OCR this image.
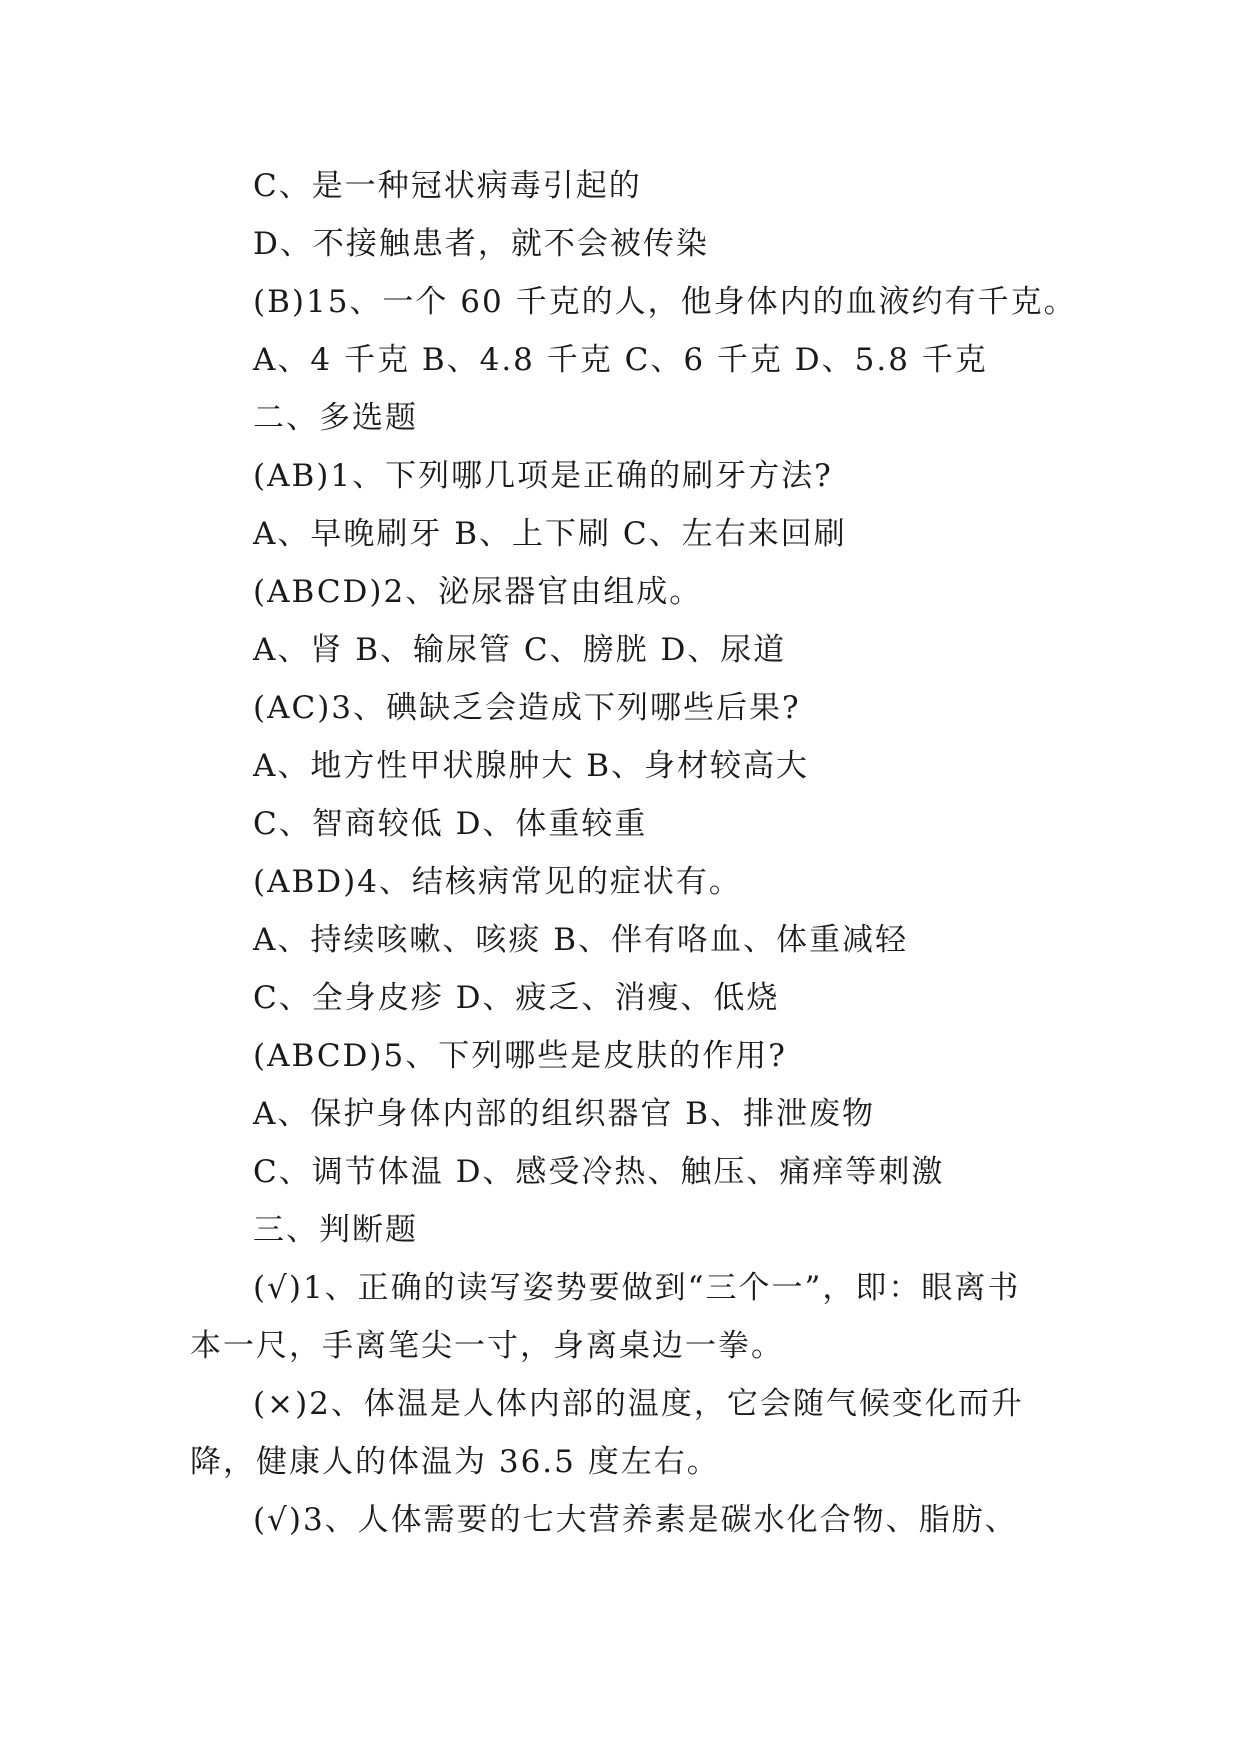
C、是一种冠状病毒引起的
D、不接触患者，就不会被传染
(B)15、一个 60 千克的人，他身体内的血液约有千克。
A、4 千克 B、4.8 千克 C、6 千克 D、5.8 千克
二、多选题
(AB)1、下列哪几项是正确的刷牙方法?
A、早晚刷牙 B、上下刷 C、左右来回刷
(ABCD)2、泌尿器官由组成。
A、肾 B、输尿管 C、膀胱 D、尿道
(AC)3、碘缺乏会造成下列哪些后果?
A、地方性甲状腺肿大 B、身材较高大
C、智商较低 D、体重较重
(ABD)4、结核病常见的症状有。
A、持续咳嗽、咳痰 B、伴有咯血、体重减轻
C、全身皮疹 D、疲乏、消瘦、低烧
(ABCD)5、下列哪些是皮肤的作用?
A、保护身体内部的组织器官 B、排泄废物
C、调节体温 D、感受冷热、触压、痛痒等刺激
三、判断题
(√)1、正确的读写姿势要做到“三个一”，即：眼离书
本一尺，手离笔尖一寸，身离桌边一拳。
(×)2、体温是人体内部的温度，它会随气候变化而升
降，健康人的体温为 36.5 度左右。
(√)3、人体需要的七大营养素是碳水化合物、脂肪、
